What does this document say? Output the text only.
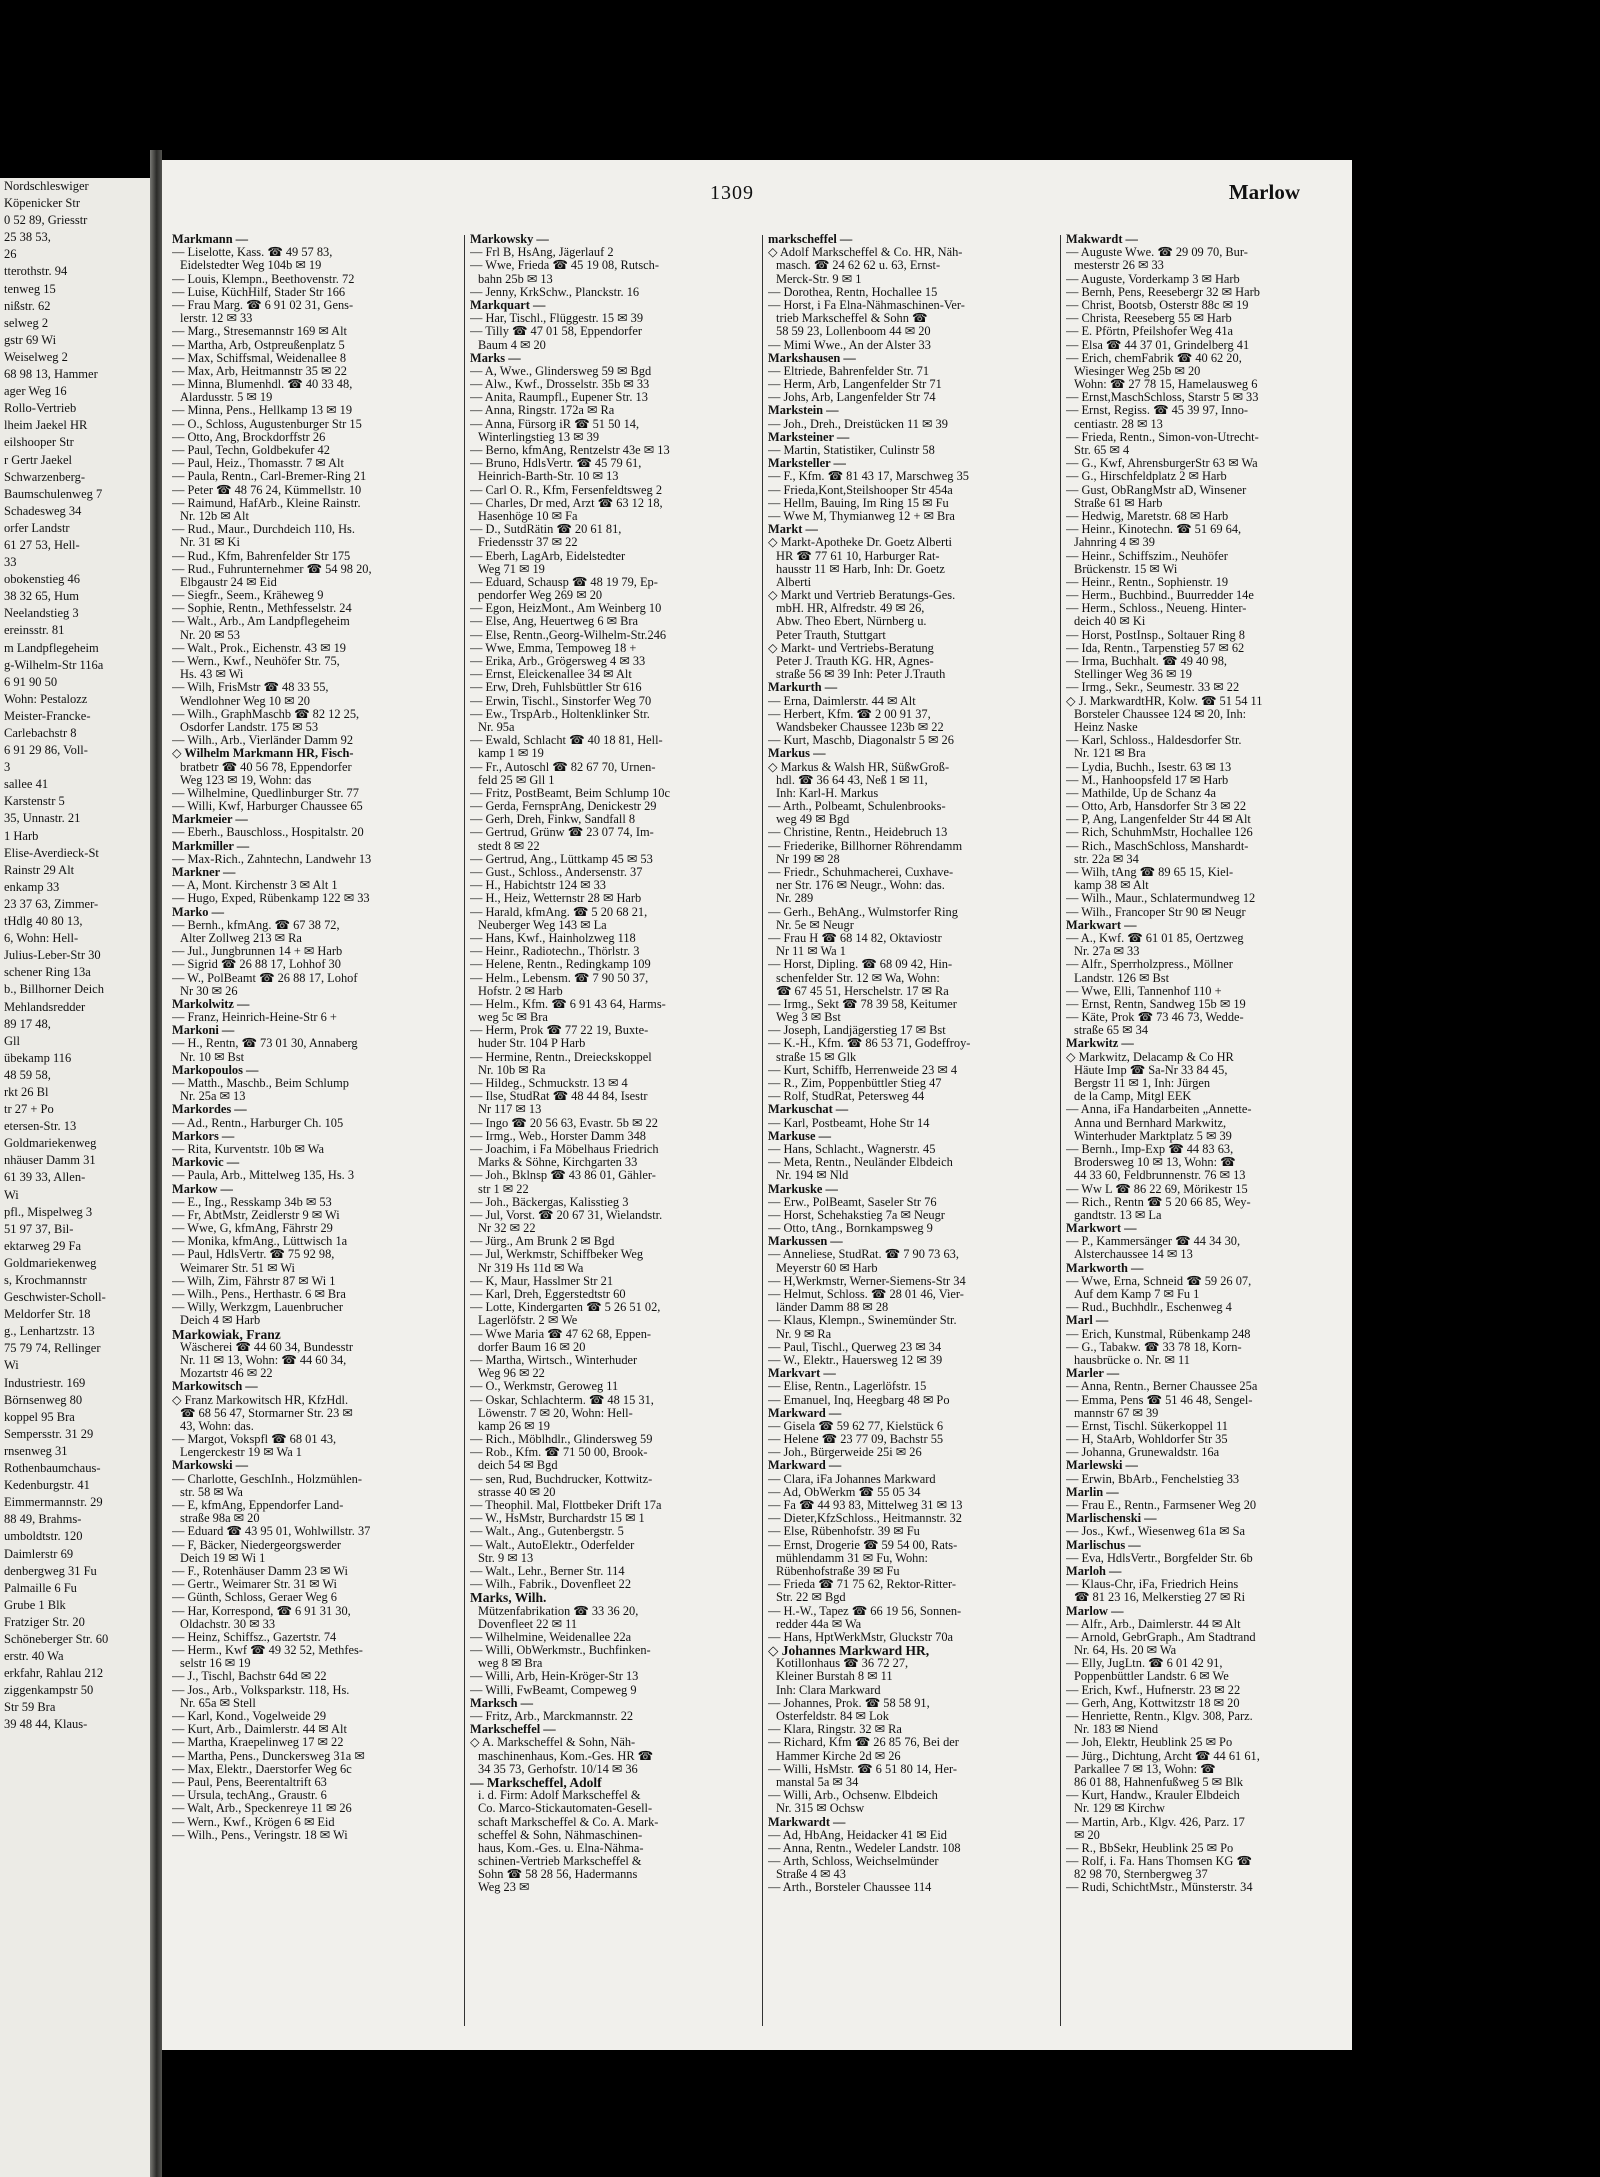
Nordschleswiger
Köpenicker Str
0 52 89, Griesstr
25 38 53,
26
tterothstr. 94
tenweg 15
nißstr. 62
selweg 2
gstr 69 Wi
Weiselweg 2
68 98 13, Hammer
ager Weg 16
Rollo-Vertrieb
lheim Jaekel HR
eilshooper Str
r Gertr Jaekel
Schwarzenberg-
Baumschulenweg 7
Schadesweg 34
orfer Landstr
61 27 53, Hell-
33
obokenstieg 46
38 32 65, Hum
Neelandstieg 3
ereinsstr. 81
m Landpflegeheim
g-Wilhelm-Str 116a
6 91 90 50
Wohn: Pestalozz
Meister-Francke-
Carlebachstr 8
6 91 29 86, Voll-
3
salleе 41
Karstenstr 5
35, Unnastr. 21
1 Harb
Elise-Averdieck-St
Rainstr 29 Alt
enkamp 33
23 37 63, Zimmer-
tHdlg 40 80 13,
6, Wohn: Hell-
Julius-Leber-Str 30
schener Ring 13a
b., Billhorner Deich
Mehlandsredder
89 17 48,
Gll
übekamp 116
48 59 58,
rkt 26 Bl
tr 27 + Po
etersen-Str. 13
Goldmariekenweg
nhäuser Damm 31
61 39 33, Allen-
Wi
pfl., Mispelweg 3
51 97 37, Bil-
ektarweg 29 Fa
Goldmariekenweg
s, Krochmannstr
Geschwister-Scholl-
Meldorfer Str. 18
g., Lenhartzstr. 13
75 79 74, Rellinger
Wi
Industriestr. 169
Börnsenweg 80
koppel 95 Bra
Sempersstr. 31 29
rnsenweg 31
Rothenbaumchaus-
Kedenburgstr. 41
Eimmermannstr. 29
88 49, Brahms-
umboldtstr. 120
Daimlerstr 69
denbergweg 31 Fu
Palmaille 6 Fu
Grube 1 Blk
Fratziger Str. 20
Schöneberger Str. 60
erstr. 40 Wa
erkfahr, Rahlau 212
ziggenkampstr 50
Str 59 Bra
39 48 44, Klaus-
1309	Marlow
Markmann —
— Liselotte, Kass. ☎ 49 57 83,
Eidelstedter Weg 104b ✉ 19
— Louis, Klempn., Beethovenstr. 72
— Luise, KüchHilf, Stader Str 166
— Frau Marg. ☎ 6 91 02 31, Gens-
lerstr. 12 ✉ 33
— Marg., Stresemannstr 169 ✉ Alt
— Martha, Arb, Ostpreußenplatz 5
— Max, Schiffsmal, Weidenallee 8
— Max, Arb, Heitmannstr 35 ✉ 22
— Minna, Blumenhdl. ☎ 40 33 48,
Alardusstr. 5 ✉ 19
— Minna, Pens., Hellkamp 13 ✉ 19
— O., Schloss, Augustenburger Str 15
— Otto, Ang, Brockdorffstr 26
— Paul, Techn, Goldbekufer 42
— Paul, Heiz., Thomasstr. 7 ✉ Alt
— Paula, Rentn., Carl-Bremer-Ring 21
— Peter ☎ 48 76 24, Kümmellstr. 10
— Raimund, HafArb., Kleine Rainstr.
Nr. 12b ✉ Alt
— Rud., Maur., Durchdeich 110, Hs.
Nr. 31 ✉ Ki
— Rud., Kfm, Bahrenfelder Str 175
— Rud., Fuhrunternehmer ☎ 54 98 20,
Elbgaustr 24 ✉ Eid
— Siegfr., Seem., Kräheweg 9
— Sophie, Rentn., Methfesselstr. 24
— Walt., Arb., Am Landpflegeheim
Nr. 20 ✉ 53
— Walt., Prok., Eichenstr. 43 ✉ 19
— Wern., Kwf., Neuhöfer Str. 75,
Hs. 43 ✉ Wi
— Wilh, FrisMstr ☎ 48 33 55,
Wendlohner Weg 10 ✉ 20
— Wilh., GraphMaschb ☎ 82 12 25,
Osdorfer Landstr. 175 ✉ 53
— Wilh., Arb., Vierländer Damm 92
◇ Wilhelm Markmann HR, Fisch-
bratbetr ☎ 40 56 78, Eppendorfer
Weg 123 ✉ 19, Wohn: das
— Wilhelmine, Quedlinburger Str. 77
— Willi, Kwf, Harburger Chaussee 65
Markmeier —
— Eberh., Bauschloss., Hospitalstr. 20
Markmiller —
— Max-Rich., Zahntechn, Landwehr 13
Markner —
— A, Mont. Kirchenstr 3 ✉ Alt 1
— Hugo, Exped, Rübenkamp 122 ✉ 33
Marko —
— Bernh., kfmAng. ☎ 67 38 72,
Alter Zollweg 213 ✉ Ra
— Jul., Jungbrunnen 14 + ✉ Harb
— Sigrid ☎ 26 88 17, Lohhof 30
— W., PolBeamt ☎ 26 88 17, Lohof
Nr 30 ✉ 26
Markolwitz —
— Franz, Heinrich-Heine-Str 6 +
Markoni —
— H., Rentn, ☎ 73 01 30, Annaberg
Nr. 10 ✉ Bst
Markopoulos —
— Matth., Maschb., Beim Schlump
Nr. 25a ✉ 13
Markordes —
— Ad., Rentn., Harburger Ch. 105
Markors —
— Rita, Kurventstr. 10b ✉ Wa
Markovic —
— Paula, Arb., Mittelweg 135, Hs. 3
Markow —
— E., Ing., Resskamp 34b ✉ 53
— Fr, AbtMstr, Zeidlerstr 9 ✉ Wi
— Wwe, G, kfmAng, Fährstr 29
— Monika, kfmAng., Lüttwisch 1a
— Paul, HdlsVertr. ☎ 75 92 98,
Weimarer Str. 51 ✉ Wi
— Wilh, Zim, Fährstr 87 ✉ Wi 1
— Wilh., Pens., Herthastr. 6 ✉ Bra
— Willy, Werkzgm, Lauenbrucher
Deich 4 ✉ Harb
Markowiak, Franz
Wäscherei ☎ 44 60 34, Bundesstr
Nr. 11 ✉ 13, Wohn: ☎ 44 60 34,
Mozartstr 46 ✉ 22
Markowitsch —
◇ Franz Markowitsch HR, KfzHdl.
☎ 68 56 47, Stormarner Str. 23 ✉
43, Wohn: das.
— Margot, Vokspfl ☎ 68 01 43,
Lengerckestr 19 ✉ Wa 1
Markowski —
— Charlotte, GeschInh., Holzmühlen-
str. 58 ✉ Wa
— E, kfmAng, Eppendorfer Land-
straße 98a ✉ 20
— Eduard ☎ 43 95 01, Wohlwillstr. 37
— F, Bäcker, Niedergeorgswerder
Deich 19 ✉ Wi 1
— F., Rotenhäuser Damm 23 ✉ Wi
— Gertr., Weimarer Str. 31 ✉ Wi
— Günth, Schloss, Geraer Weg 6
— Har, Korrespond, ☎ 6 91 31 30,
Oldachstr. 30 ✉ 33
— Heinz, Schiffsz., Gazertstr. 74
— Herm., Kwf ☎ 49 32 52, Methfes-
selstr 16 ✉ 19
— J., Tischl, Bachstr 64d ✉ 22
— Jos., Arb., Volksparkstr. 118, Hs.
Nr. 65a ✉ Stell
— Karl, Kond., Vogelweide 29
— Kurt, Arb., Daimlerstr. 44 ✉ Alt
— Martha, Kraepelinweg 17 ✉ 22
— Martha, Pens., Dunckersweg 31a ✉
— Max, Elektr., Daerstorfer Weg 6c
— Paul, Pens, Beerentaltrift 63
— Ursula, techAng., Graustr. 6
— Walt, Arb., Speckenreye 11 ✉ 26
— Wern., Kwf., Krögen 6 ✉ Eid
— Wilh., Pens., Veringstr. 18 ✉ Wi
Markowsky —
— Frl B, HsAng, Jägerlauf 2
— Wwe, Frieda ☎ 45 19 08, Rutsch-
bahn 25b ✉ 13
— Jenny, KrkSchw., Planckstr. 16
Markquart —
— Har, Tischl., Flüggestr. 15 ✉ 39
— Tilly ☎ 47 01 58, Eppendorfer
Baum 4 ✉ 20
Marks —
— A, Wwe., Glindersweg 59 ✉ Bgd
— Alw., Kwf., Drosselstr. 35b ✉ 33
— Anita, Raumpfl., Eupener Str. 13
— Anna, Ringstr. 172a ✉ Ra
— Anna, Fürsorg iR ☎ 51 50 14,
Winterlingstieg 13 ✉ 39
— Berno, kfmAng, Rentzelstr 43e ✉ 13
— Bruno, HdlsVertr. ☎ 45 79 61,
Heinrich-Barth-Str. 10 ✉ 13
— Carl O. R., Kfm, Fersenfeldtsweg 2
— Charles, Dr med, Arzt ☎ 63 12 18,
Hasenhöge 10 ✉ Fa
— D., SutdRätin ☎ 20 61 81,
Friedensstr 37 ✉ 22
— Eberh, LagArb, Eidelstedter
Weg 71 ✉ 19
— Eduard, Schausp ☎ 48 19 79, Ep-
pendorfer Weg 269 ✉ 20
— Egon, HeizMont., Am Weinberg 10
— Else, Ang, Heuertweg 6 ✉ Bra
— Else, Rentn.,Georg-Wilhelm-Str.246
— Wwe, Emma, Tempoweg 18 +
— Erika, Arb., Grögersweg 4 ✉ 33
— Ernst, Eleickenallee 34 ✉ Alt
— Erw, Dreh, Fuhlsbüttler Str 616
— Erwin, Tischl., Sinstorfer Weg 70
— Ew., TrspArb., Holtenklinker Str.
Nr. 95a
— Ewald, Schlacht ☎ 40 18 81, Hell-
kamp 1 ✉ 19
— Fr., Autoschl ☎ 82 67 70, Urnen-
feld 25 ✉ Gll 1
— Fritz, PostBeamt, Beim Schlump 10c
— Gerda, FernsprAng, Denickestr 29
— Gerh, Dreh, Finkw, Sandfall 8
— Gertrud, Grünw ☎ 23 07 74, Im-
stedt 8 ✉ 22
— Gertrud, Ang., Lüttkamp 45 ✉ 53
— Gust., Schloss., Andersenstr. 37
— H., Habichtstr 124 ✉ 33
— H., Heiz, Wetternstr 28 ✉ Harb
— Harald, kfmAng. ☎ 5 20 68 21,
Neuberger Weg 143 ✉ La
— Hans, Kwf., Hainholzweg 118
— Heinr., Radiotechn., Thörlstr. 3
— Helene, Rentn., Redingkamp 109
— Helm., Lebensm. ☎ 7 90 50 37,
Hofstr. 2 ✉ Harb
— Helm., Kfm. ☎ 6 91 43 64, Harms-
weg 5c ✉ Bra
— Herm, Prok ☎ 77 22 19, Buxte-
huder Str. 104 P Harb
— Hermine, Rentn., Dreieckskoppel
Nr. 10b ✉ Ra
— Hildeg., Schmuckstr. 13 ✉ 4
— Ilse, StudRat ☎ 48 44 84, Isestr
Nr 117 ✉ 13
— Ingo ☎ 20 56 63, Evastr. 5b ✉ 22
— Irmg., Web., Horster Damm 348
— Joachim, i Fa Möbelhaus Friedrich
Marks & Söhne, Kirchgarten 33
— Joh., Bklnsp ☎ 43 86 01, Gähler-
str 1 ✉ 22
— Joh., Bäckergas, Kalisstieg 3
— Jul, Vorst. ☎ 20 67 31, Wielandstr.
Nr 32 ✉ 22
— Jürg., Am Brunk 2 ✉ Bgd
— Jul, Werkmstr, Schiffbeker Weg
Nr 319 Hs 11d ✉ Wa
— K, Maur, Hasslmer Str 21
— Karl, Dreh, Eggerstedtstr 60
— Lotte, Kindergarten ☎ 5 26 51 02,
Lagerlöfstr. 2 ✉ We
— Wwe Maria ☎ 47 62 68, Eppen-
dorfer Baum 16 ✉ 20
— Martha, Wirtsch., Winterhuder
Weg 96 ✉ 22
— O., Werkmstr, Geroweg 11
— Oskar, Schlachterm. ☎ 48 15 31,
Löwenstr. 7 ✉ 20, Wohn: Hell-
kamp 26 ✉ 19
— Rich., Möblhdlr., Glindersweg 59
— Rob., Kfm. ☎ 71 50 00, Brook-
deich 54 ✉ Bgd
— sen, Rud, Buchdrucker, Kottwitz-
strasse 40 ✉ 20
— Theophil. Mal, Flottbeker Drift 17a
— W., HsMstr, Burchardstr 15 ✉ 1
— Walt., Ang., Gutenbergstr. 5
— Walt., AutoElektr., Oderfelder
Str. 9 ✉ 13
— Walt., Lehr., Berner Str. 114
— Wilh., Fabrik., Dovenfleet 22
Marks, Wilh.
Mützenfabrikation ☎ 33 36 20,
Dovenfleet 22 ✉ 11
— Wilhelmine, Weidenallee 22a
— Willi, ObWerkmstr., Buchfinken-
weg 8 ✉ Bra
— Willi, Arb, Hein-Kröger-Str 13
— Willi, FwBeamt, Compeweg 9
Marksch —
— Fritz, Arb., Marckmannstr. 22
Markscheffel —
◇ A. Markscheffel & Sohn, Näh-
maschinenhaus, Kom.-Ges. HR ☎
34 35 73, Gerhofstr. 10/14 ✉ 36
— Markscheffel, Adolf
i. d. Firm: Adolf Markscheffel &
Co. Marco-Stickautomaten-Gesell-
schaft Markscheffel & Co. A. Mark-
scheffel & Sohn, Nähmaschinen-
haus, Kom.-Ges. u. Elna-Nähma-
schinen-Vertrieb Markscheffel &
Sohn ☎ 58 28 56, Hadermanns
Weg 23 ✉
markscheffel —
◇ Adolf Markscheffel & Co. HR, Näh-
masch. ☎ 24 62 62 u. 63, Ernst-
Merck-Str. 9 ✉ 1
— Dorothea, Rentn, Hochallee 15
— Horst, i Fa Elna-Nähmaschinen-Ver-
trieb Markscheffel & Sohn ☎
58 59 23, Lollenboom 44 ✉ 20
— Mimi Wwe., An der Alster 33
Markshausen —
— Eltriede, Bahrenfelder Str. 71
— Herm, Arb, Langenfelder Str 71
— Johs, Arb, Langenfelder Str 74
Markstein —
— Joh., Dreh., Dreistücken 11 ✉ 39
Marksteiner —
— Martin, Statistiker, Culinstr 58
Marksteller —
— F., Kfm. ☎ 81 43 17, Marschweg 35
— Frieda,Kont,Steilshooper Str 454a
— Hellm, Bauing, Im Ring 15 ✉ Fu
— Wwe M, Thymianweg 12 + ✉ Bra
Markt —
◇ Markt-Apotheke Dr. Goetz Alberti
HR ☎ 77 61 10, Harburger Rat-
hausstr 11 ✉ Harb, Inh: Dr. Goetz
Alberti
◇ Markt und Vertrieb Beratungs-Ges.
mbH. HR, Alfredstr. 49 ✉ 26,
Abw. Theo Ebert, Nürnberg u.
Peter Trauth, Stuttgart
◇ Markt- und Vertriebs-Beratung
Peter J. Trauth KG. HR, Agnes-
straße 56 ✉ 39 Inh: Peter J.Trauth
Markurth —
— Erna, Daimlerstr. 44 ✉ Alt
— Herbert, Kfm. ☎ 2 00 91 37,
Wandsbeker Chaussee 123b ✉ 22
— Kurt, Maschb, Diagonalstr 5 ✉ 26
Markus —
◇ Markus & Walsh HR, SüßwGroß-
hdl. ☎ 36 64 43, Neß 1 ✉ 11,
Inh: Karl-H. Markus
— Arth., Polbeamt, Schulenbrooks-
weg 49 ✉ Bgd
— Christine, Rentn., Heidebruch 13
— Friederike, Billhorner Röhrendamm
Nr 199 ✉ 28
— Friedr., Schuhmacherei, Cuxhave-
ner Str. 176 ✉ Neugr., Wohn: das.
Nr. 289
— Gerh., BehAng., Wulmstorfer Ring
Nr. 5e ✉ Neugr
— Frau H ☎ 68 14 82, Oktaviostr
Nr 11 ✉ Wa 1
— Horst, Dipling. ☎ 68 09 42, Hin-
schenfelder Str. 12 ✉ Wa, Wohn:
☎ 67 45 51, Herschelstr. 17 ✉ Ra
— Irmg., Sekt ☎ 78 39 58, Keitumer
Weg 3 ✉ Bst
— Joseph, Landjägerstieg 17 ✉ Bst
— K.-H., Kfm. ☎ 86 53 71, Godeffroy-
straße 15 ✉ Glk
— Kurt, Schiffb, Herrenweide 23 ✉ 4
— R., Zim, Poppenbüttler Stieg 47
— Rolf, StudRat, Petersweg 44
Markuschat —
— Karl, Postbeamt, Hohe Str 14
Markuse —
— Hans, Schlacht., Wagnerstr. 45
— Meta, Rentn., Neuländer Elbdeich
Nr. 194 ✉ Nld
Markuske —
— Erw., PolBeamt, Saseler Str 76
— Horst, Schehakstieg 7a ✉ Neugr
— Otto, tAng., Bornkampsweg 9
Markussen —
— Anneliese, StudRat. ☎ 7 90 73 63,
Meyerstr 60 ✉ Harb
— H,Werkmstr, Werner-Siemens-Str 34
— Helmut, Schloss. ☎ 28 01 46, Vier-
länder Damm 88 ✉ 28
— Klaus, Klempn., Swinemünder Str.
Nr. 9 ✉ Ra
— Paul, Tischl., Querweg 23 ✉ 34
— W., Elektr., Hauersweg 12 ✉ 39
Markvart —
— Elise, Rentn., Lagerlöfstr. 15
— Emanuel, Inq, Heegbarg 48 ✉ Po
Markward —
— Gisela ☎ 59 62 77, Kielstück 6
— Helene ☎ 23 77 09, Bachstr 55
— Joh., Bürgerweide 25i ✉ 26
Markward —
— Clara, iFa Johannes Markward
— Ad, ObWerkm ☎ 55 05 34
— Fa ☎ 44 93 83, Mittelweg 31 ✉ 13
— Dieter,KfzSchloss., Heitmannstr. 32
— Else, Rübenhofstr. 39 ✉ Fu
— Ernst, Drogerie ☎ 59 54 00, Rats-
mühlendamm 31 ✉ Fu, Wohn:
Rübenhofstraße 39 ✉ Fu
— Frieda ☎ 71 75 62, Rektor-Ritter-
Str. 22 ✉ Bgd
— H.-W., Tapez ☎ 66 19 56, Sonnen-
redder 44a ✉ Wa
— Hans, HptWerkMstr, Gluckstr 70a
◇ Johannes Markward HR,
Kotillonhaus ☎ 36 72 27,
Kleiner Burstah 8 ✉ 11
Inh: Clara Markward
— Johannes, Prok. ☎ 58 58 91,
Osterfeldstr. 84 ✉ Lok
— Klara, Ringstr. 32 ✉ Ra
— Richard, Kfm ☎ 26 85 76, Bei der
Hammer Kirche 2d ✉ 26
— Willi, HsMstr. ☎ 6 51 80 14, Her-
manstal 5a ✉ 34
— Willi, Arb., Ochsenw. Elbdeich
Nr. 315 ✉ Ochsw
Markwardt —
— Ad, HbAng, Heidacker 41 ✉ Eid
— Anna, Rentn., Wedeler Landstr. 108
— Arth, Schloss, Weichselmünder
Straße 4 ✉ 43
— Arth., Borsteler Chaussee 114
Makwardt —
— Auguste Wwe. ☎ 29 09 70, Bur-
mesterstr 26 ✉ 33
— Auguste, Vorderkamp 3 ✉ Harb
— Bernh, Pens, Reesebergr 32 ✉ Harb
— Christ, Bootsb, Osterstr 88c ✉ 19
— Christa, Reeseberg 55 ✉ Harb
— E. Pförtn, Pfeilshofer Weg 41a
— Elsa ☎ 44 37 01, Grindelberg 41
— Erich, chemFabrik ☎ 40 62 20,
Wiesinger Weg 25b ✉ 20
Wohn: ☎ 27 78 15, Hamelausweg 6
— Ernst,MaschSchloss, Starstr 5 ✉ 33
— Ernst, Regiss. ☎ 45 39 97, Inno-
centiastr. 28 ✉ 13
— Frieda, Rentn., Simon-von-Utrecht-
Str. 65 ✉ 4
— G., Kwf, AhrensburgerStr 63 ✉ Wa
— G., Hirschfeldplatz 2 ✉ Harb
— Gust, ObRangMstr aD, Winsener
Straße 61 ✉ Harb
— Hedwig, Maretstr. 68 ✉ Harb
— Heinr., Kinotechn. ☎ 51 69 64,
Jahnring 4 ✉ 39
— Heinr., Schiffszim., Neuhöfer
Brückenstr. 15 ✉ Wi
— Heinr., Rentn., Sophienstr. 19
— Herm., Buchbind., Buurredder 14e
— Herm., Schloss., Neueng. Hinter-
deich 40 ✉ Ki
— Horst, PostInsp., Soltauer Ring 8
— Ida, Rentn., Tarpenstieg 57 ✉ 62
— Irma, Buchhalt. ☎ 49 40 98,
Stellinger Weg 36 ✉ 19
— Irmg., Sekr., Seumestr. 33 ✉ 22
◇ J. MarkwardtHR, Kolw. ☎ 51 54 11
Borsteler Chaussee 124 ✉ 20, Inh:
Heinz Naske
— Karl, Schloss., Haldesdorfer Str.
Nr. 121 ✉ Bra
— Lydia, Buchh., Isestr. 63 ✉ 13
— M., Hanhoopsfeld 17 ✉ Harb
— Mathilde, Up de Schanz 4a
— Otto, Arb, Hansdorfer Str 3 ✉ 22
— P, Ang, Langenfelder Str 44 ✉ Alt
— Rich, SchuhmMstr, Hochallee 126
— Rich., MaschSchloss, Manshardt-
str. 22a ✉ 34
— Wilh, tAng ☎ 89 65 15, Kiel-
kamp 38 ✉ Alt
— Wilh., Maur., Schlatermundweg 12
— Wilh., Francoper Str 90 ✉ Neugr
Markwart —
— A., Kwf. ☎ 61 01 85, Oertzweg
Nr. 27a ✉ 33
— Alfr., Sperrholzpress., Möllner
Landstr. 126 ✉ Bst
— Wwe, Elli, Tannenhof 110 +
— Ernst, Rentn, Sandweg 15b ✉ 19
— Käte, Prok ☎ 73 46 73, Wedde-
straße 65 ✉ 34
Markwitz —
◇ Markwitz, Delacamp & Co HR
Häute Imp ☎ Sa-Nr 33 84 45,
Bergstr 11 ✉ 1, Inh: Jürgen
de la Camp, Mitgl EEK
— Anna, iFa Handarbeiten „Annette-
Anna und Bernhard Markwitz,
Winterhuder Marktplatz 5 ✉ 39
— Bernh., Imp-Exp ☎ 44 83 63,
Brodersweg 10 ✉ 13, Wohn: ☎
44 33 60, Feldbrunnenstr. 76 ✉ 13
— Ww L ☎ 86 22 69, Mörikestr 15
— Rich., Rentn ☎ 5 20 66 85, Wey-
gandtstr. 13 ✉ La
Markwort —
— P., Kammersänger ☎ 44 34 30,
Alsterchaussee 14 ✉ 13
Markworth —
— Wwe, Erna, Schneid ☎ 59 26 07,
Auf dem Kamp 7 ✉ Fu 1
— Rud., Buchhdlr., Eschenweg 4
Marl —
— Erich, Kunstmal, Rübenkamp 248
— G., Tabakw. ☎ 33 78 18, Korn-
hausbrücke o. Nr. ✉ 11
Marler —
— Anna, Rentn., Berner Chaussee 25a
— Emma, Pens ☎ 51 46 48, Sengel-
mannstr 67 ✉ 39
— Ernst, Tischl. Sükerkoppel 11
— H, StaArb, Wohldorfer Str 35
— Johanna, Grunewaldstr. 16a
Marlewski —
— Erwin, BbArb., Fenchelstieg 33
Marlin —
— Frau E., Rentn., Farmsener Weg 20
Marlischenski —
— Jos., Kwf., Wiesenweg 61a ✉ Sa
Marlischus —
— Eva, HdlsVertr., Borgfelder Str. 6b
Marloh —
— Klaus-Chr, iFa, Friedrich Heins
☎ 81 23 16, Melkerstieg 27 ✉ Ri
Marlow —
— Alfr., Arb., Daimlerstr. 44 ✉ Alt
— Arnold, GebrGraph., Am Stadtrand
Nr. 64, Hs. 20 ✉ Wa
— Elly, JugLtn. ☎ 6 01 42 91,
Poppenbüttler Landstr. 6 ✉ We
— Erich, Kwf., Hufnerstr. 23 ✉ 22
— Gerh, Ang, Kottwitzstr 18 ✉ 20
— Henriette, Rentn., Klgv. 308, Parz.
Nr. 183 ✉ Niend
— Joh, Elektr, Heublink 25 ✉ Po
— Jürg., Dichtung, Archt ☎ 44 61 61,
Parkallee 7 ✉ 13, Wohn: ☎
86 01 88, Hahnenfußweg 5 ✉ Blk
— Kurt, Handw., Krauler Elbdeich
Nr. 129 ✉ Kirchw
— Martin, Arb., Klgv. 426, Parz. 17
✉ 20
— R., BbSekr, Heublink 25 ✉ Po
— Rolf, i. Fa. Hans Thomsen KG ☎
82 98 70, Sternbergweg 37
— Rudi, SchichtMstr., Münsterstr. 34
